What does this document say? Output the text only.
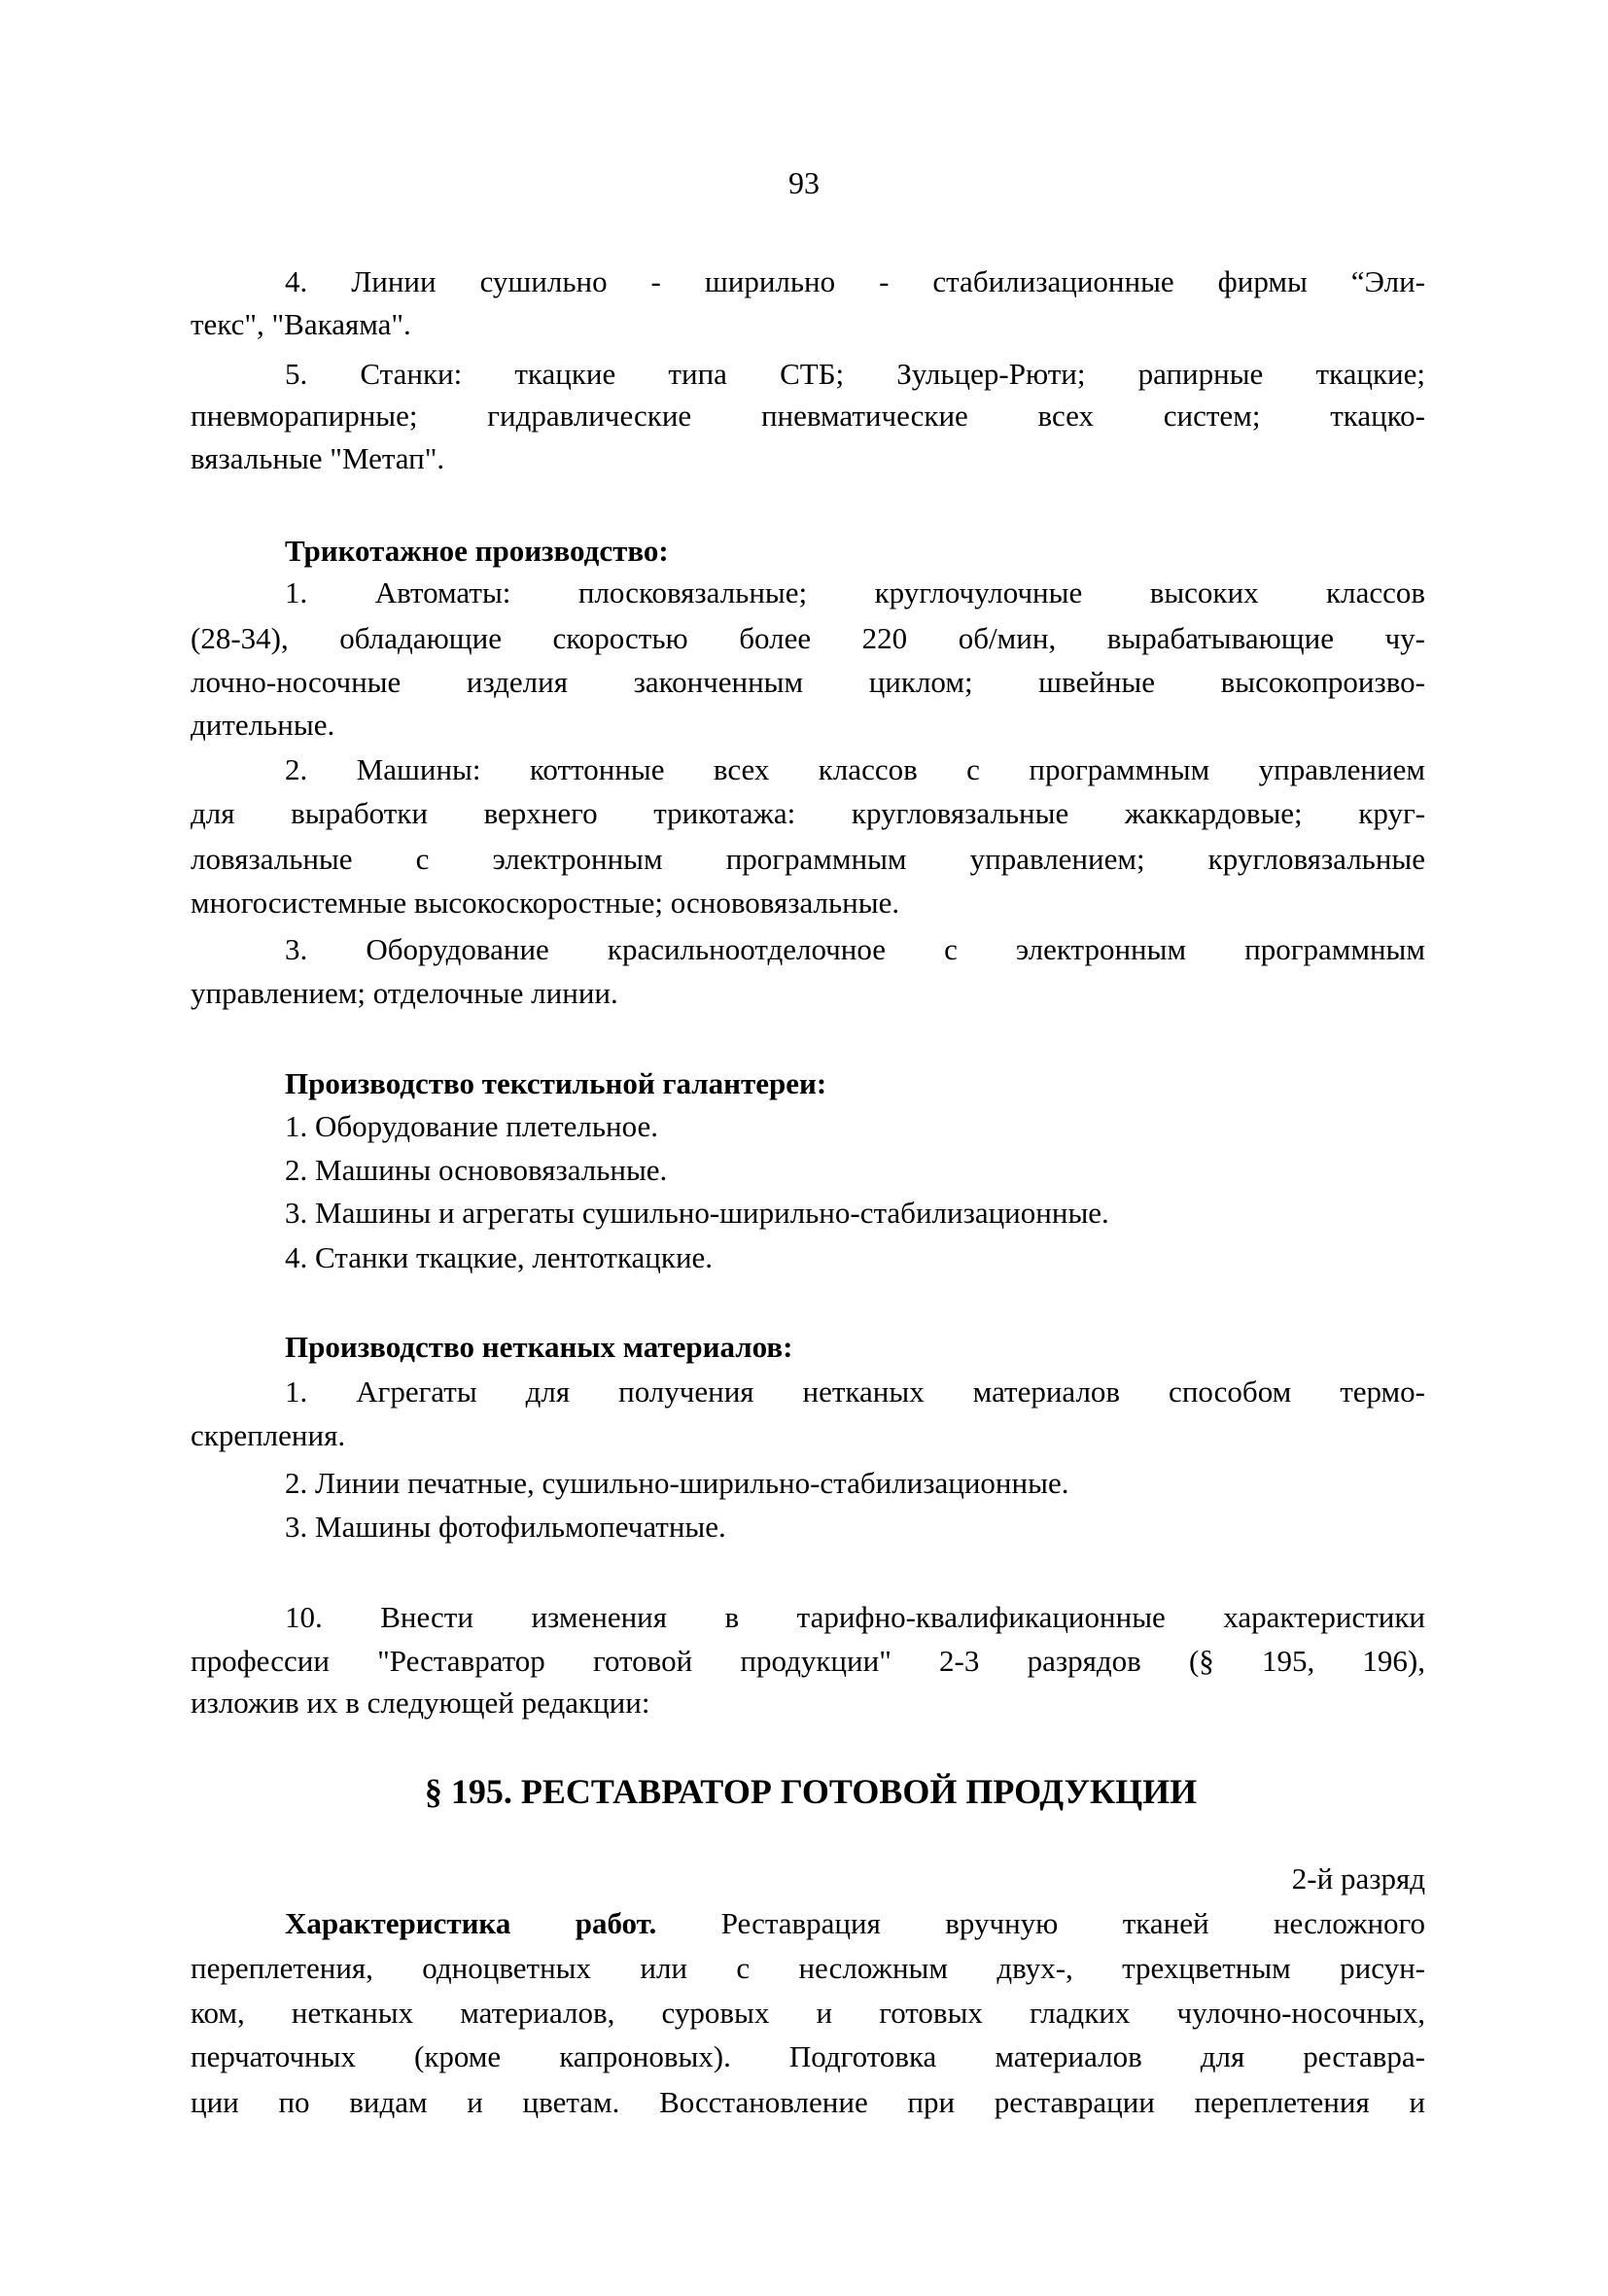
93
4. Линии сушильно - ширильно - стабилизационные фирмы “Эли-
текс", "Вакаяма".
5. Станки: ткацкие типа СТБ; Зульцер-Рюти; рапирные ткацкие;
пневморапирные; гидравлические пневматические всех систем; ткацко-
вязальные "Метап".
Трикотажное производство:
1. Автоматы: плосковязальные; круглочулочные высоких классов
(28-34), обладающие скоростью более 220 об/мин, вырабатывающие чу-
лочно-носочные изделия законченным циклом; швейные высокопроизво-
дительные.
2. Машины: коттонные всех классов с программным управлением
для выработки верхнего трикотажа: кругловязальные жаккардовые; круг-
ловязальные с электронным программным управлением; кругловязальные
многосистемные высокоскоростные; основовязальные.
3. Оборудование красильноотделочное с электронным программным
управлением; отделочные линии.
Производство текстильной галантереи:
1. Оборудование плетельное.
2. Машины основовязальные.
3. Машины и агрегаты сушильно-ширильно-стабилизационные.
4. Станки ткацкие, лентоткацкие.
Производство нетканых материалов:
1. Агрегаты для получения нетканых материалов способом термо-
скрепления.
2. Линии печатные, сушильно-ширильно-стабилизационные.
3. Машины фотофильмопечатные.
10. Внести изменения в тарифно-квалификационные характеристики
профессии "Реставратор готовой продукции" 2-3 разрядов (§ 195, 196),
изложив их в следующей редакции:
§ 195. РЕСТАВРАТОР ГОТОВОЙ ПРОДУКЦИИ
2-й разряд
Характеристика работ. Реставрация вручную тканей несложного
переплетения, одноцветных или с несложным двух-, трехцветным рисун-
ком, нетканых материалов, суровых и готовых гладких чулочно-носочных,
перчаточных (кроме капроновых). Подготовка материалов для реставра-
ции по видам и цветам. Восстановление при реставрации переплетения и
